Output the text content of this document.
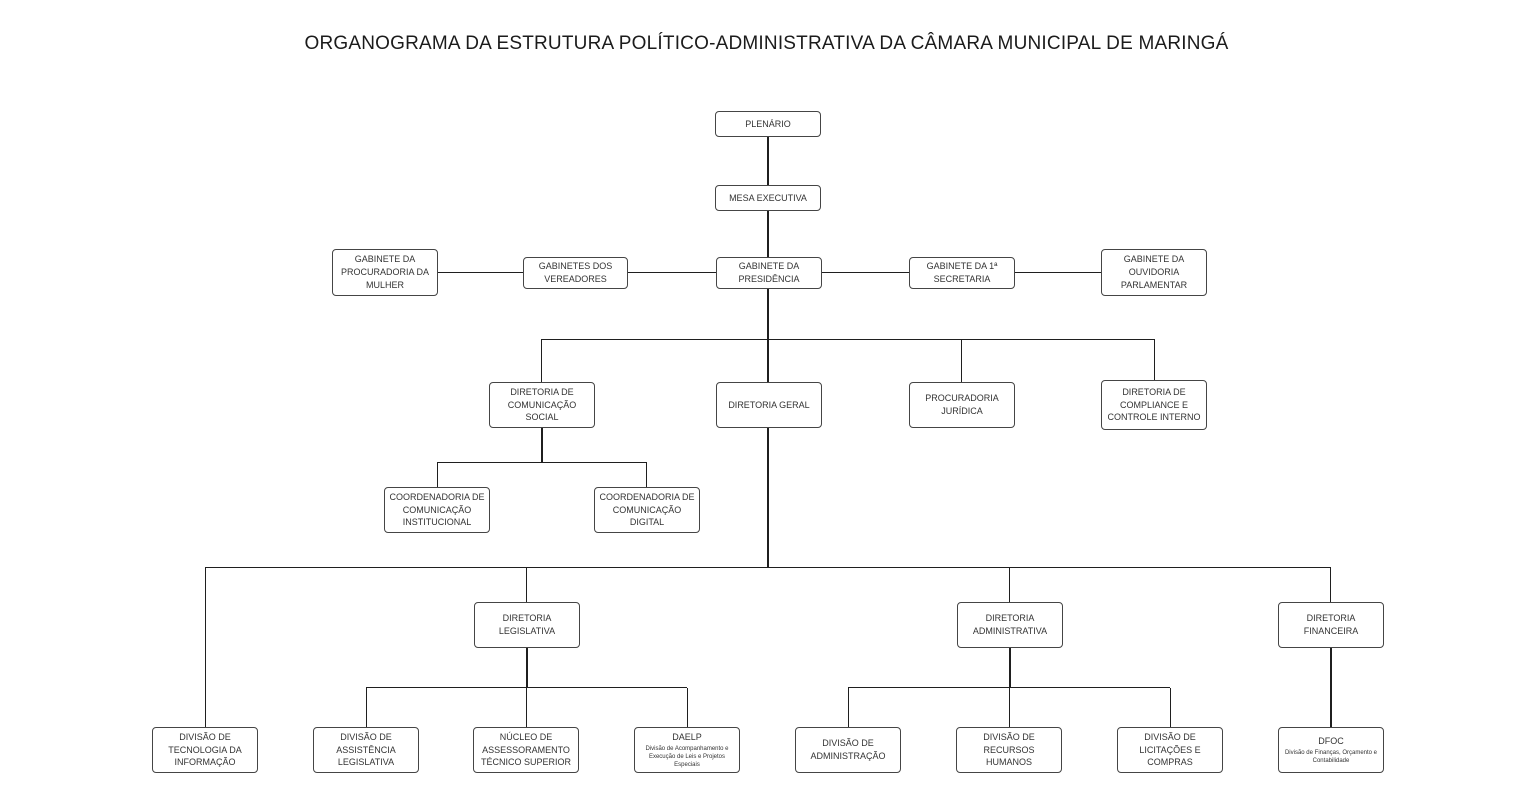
ORGANOGRAMA DA ESTRUTURA POLÍTICO-ADMINISTRATIVA DA CÂMARA MUNICIPAL DE MARINGÁ
PLENÁRIO
MESA EXECUTIVA
GABINETE DA PROCURADORIA DA MULHER
GABINETES DOS VEREADORES
GABINETE DA PRESIDÊNCIA
GABINETE DA 1ª SECRETARIA
GABINETE DA OUVIDORIA PARLAMENTAR
DIRETORIA DE COMUNICAÇÃO SOCIAL
DIRETORIA GERAL
PROCURADORIA JURÍDICA
DIRETORIA DE COMPLIANCE E CONTROLE INTERNO
COORDENADORIA DE COMUNICAÇÃO INSTITUCIONAL
COORDENADORIA DE COMUNICAÇÃO DIGITAL
DIRETORIA LEGISLATIVA
DIRETORIA ADMINISTRATIVA
DIRETORIA FINANCEIRA
DIVISÃO DE TECNOLOGIA DA INFORMAÇÃO
DIVISÃO DE ASSISTÊNCIA LEGISLATIVA
NÚCLEO DE ASSESSORAMENTO TÉCNICO SUPERIOR
DAELP
Divisão de Acompanhamento e Execução de Leis e Projetos Especiais
DIVISÃO DE ADMINISTRAÇÃO
DIVISÃO DE RECURSOS HUMANOS
DIVISÃO DE LICITAÇÕES E COMPRAS
DFOC
Divisão de Finanças, Orçamento e Contabilidade
